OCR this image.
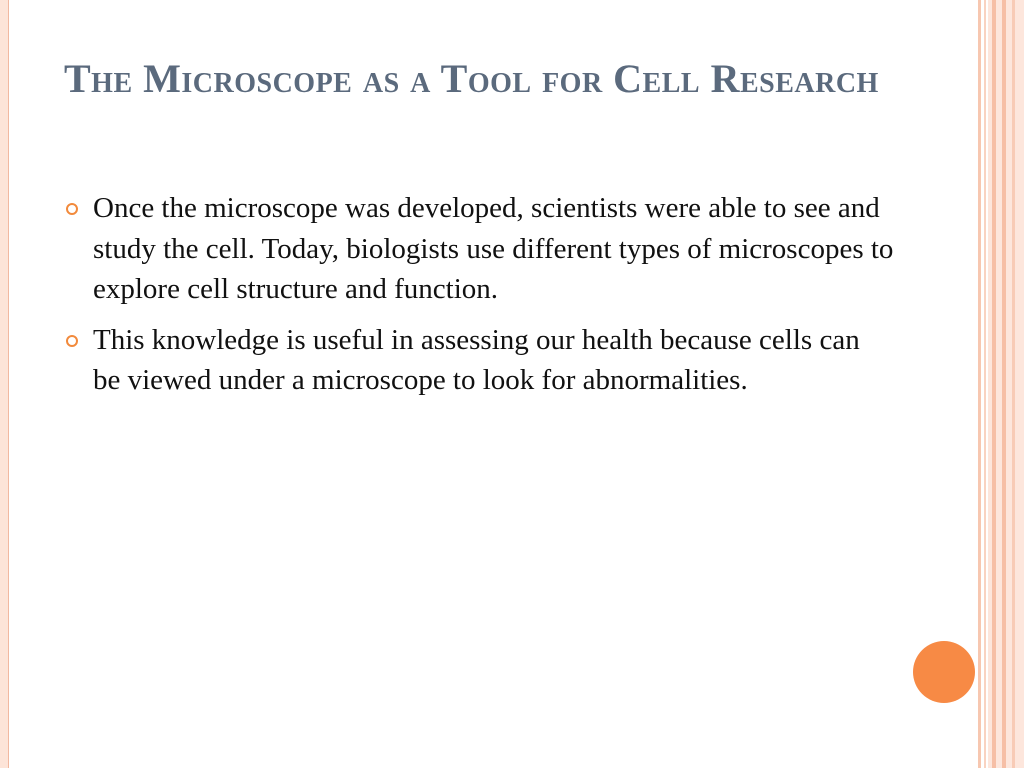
The Microscope as a Tool for Cell Research
Once the microscope was developed, scientists were able to see and study the cell. Today, biologists use different types of microscopes to explore cell structure and function.
This knowledge is useful in assessing our health because cells can be viewed under a microscope to look for abnormalities.
